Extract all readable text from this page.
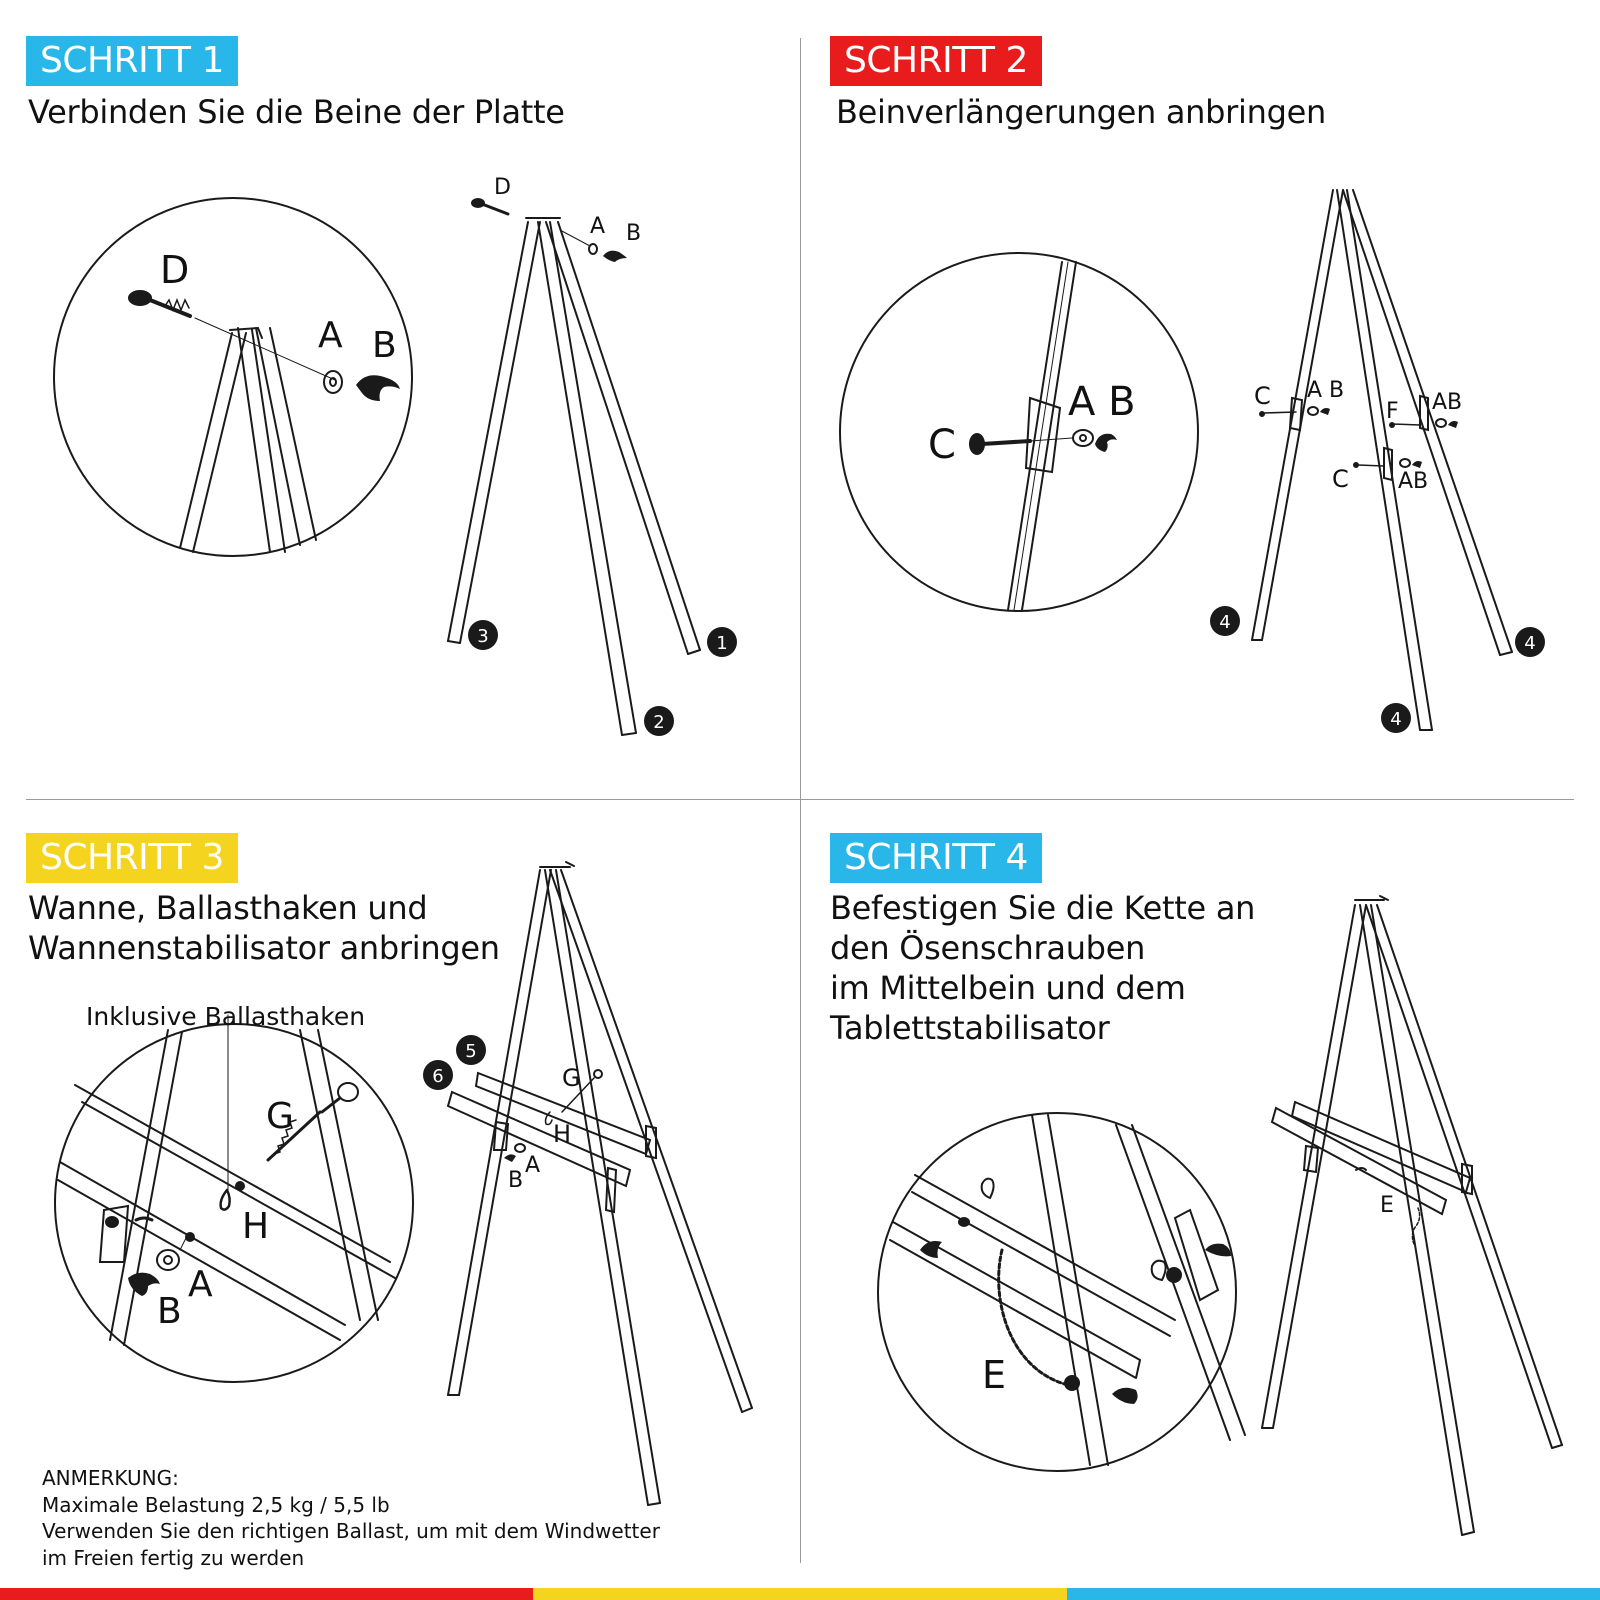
SCHRITT 1
Verbinden Sie die Beine der Platte
SCHRITT 2
Beinverlängerungen anbringen
SCHRITT 3
Wanne, Ballasthaken und
Wannenstabilisator anbringen
SCHRITT 4
Befestigen Sie die Kette an
den Ösenschrauben
im Mittelbein und dem
Tablettstabilisator
D
A B
D
A B
3
2
1
C
A B	C A B
F AB
C AB
4
4
4
Inklusive Ballasthaken
G
H
A
B
G
H
A
B
5
6
E
E
ANMERKUNG:
Maximale Belastung 2,5 kg / 5,5 lb
Verwenden Sie den richtigen Ballast, um mit dem Windwetter
im Freien fertig zu werden
